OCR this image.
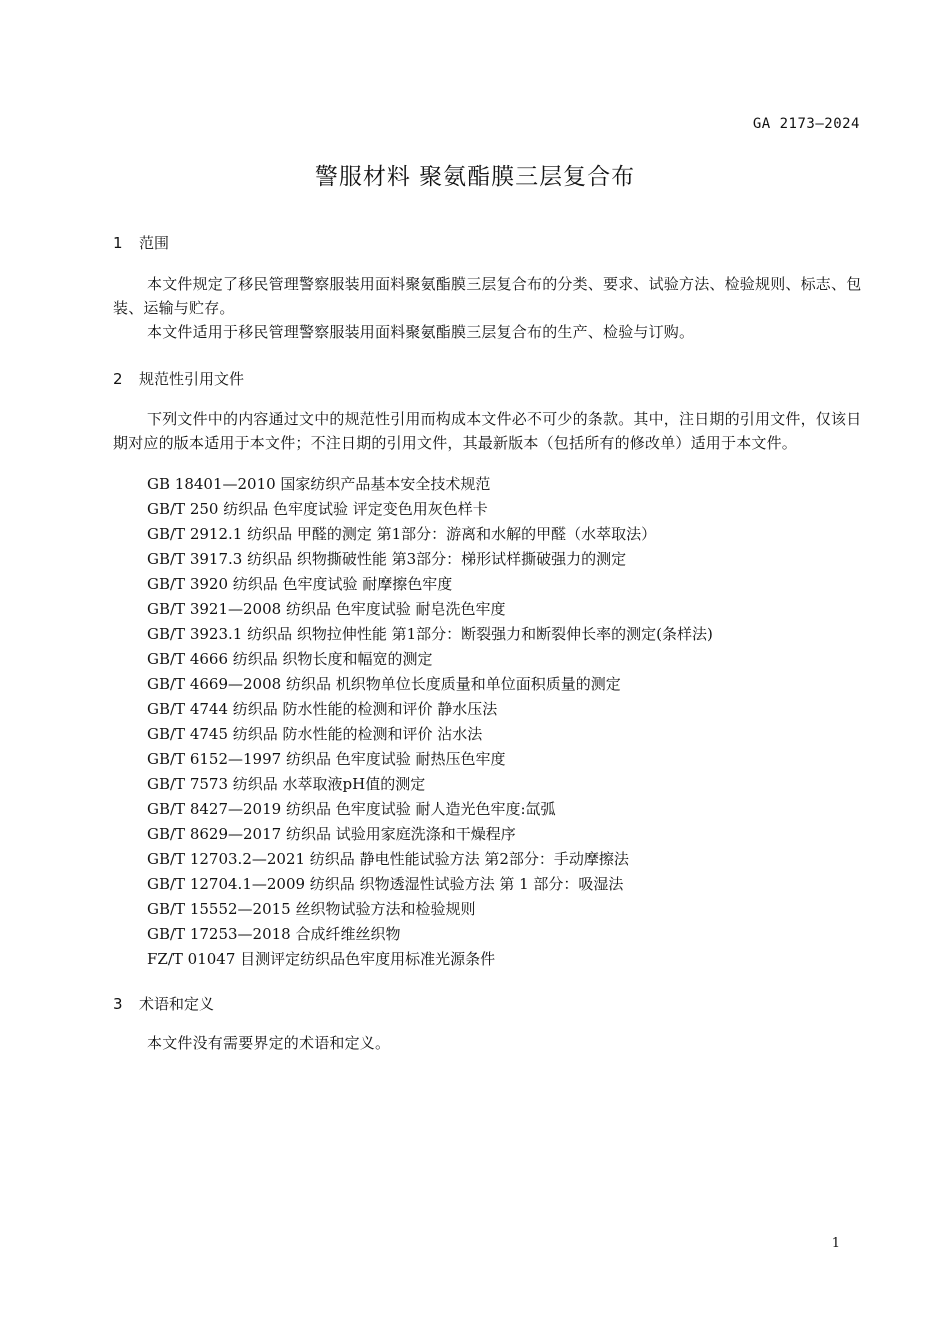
GA 2173—2024
警服材料 聚氨酯膜三层复合布
1 范围
本文件规定了移民管理警察服装用面料聚氨酯膜三层复合布的分类、要求、试验方法、检验规则、标志、包装、运输与贮存。
本文件适用于移民管理警察服装用面料聚氨酯膜三层复合布的生产、检验与订购。
2 规范性引用文件
下列文件中的内容通过文中的规范性引用而构成本文件必不可少的条款。其中，注日期的引用文件，仅该日期对应的版本适用于本文件；不注日期的引用文件，其最新版本（包括所有的修改单）适用于本文件。
GB 18401—2010 国家纺织产品基本安全技术规范
GB/T 250 纺织品 色牢度试验 评定变色用灰色样卡
GB/T 2912.1 纺织品 甲醛的测定 第1部分：游离和水解的甲醛（水萃取法）
GB/T 3917.3 纺织品 织物撕破性能 第3部分：梯形试样撕破强力的测定
GB/T 3920 纺织品 色牢度试验 耐摩擦色牢度
GB/T 3921—2008 纺织品 色牢度试验 耐皂洗色牢度
GB/T 3923.1 纺织品 织物拉伸性能 第1部分：断裂强力和断裂伸长率的测定(条样法)
GB/T 4666 纺织品 织物长度和幅宽的测定
GB/T 4669—2008 纺织品 机织物单位长度质量和单位面积质量的测定
GB/T 4744 纺织品 防水性能的检测和评价 静水压法
GB/T 4745 纺织品 防水性能的检测和评价 沾水法
GB/T 6152—1997 纺织品 色牢度试验 耐热压色牢度
GB/T 7573 纺织品 水萃取液pH值的测定
GB/T 8427—2019 纺织品 色牢度试验 耐人造光色牢度:氙弧
GB/T 8629—2017 纺织品 试验用家庭洗涤和干燥程序
GB/T 12703.2—2021 纺织品 静电性能试验方法 第2部分：手动摩擦法
GB/T 12704.1—2009 纺织品 织物透湿性试验方法 第 1 部分：吸湿法
GB/T 15552—2015 丝织物试验方法和检验规则
GB/T 17253—2018 合成纤维丝织物
FZ/T 01047 目测评定纺织品色牢度用标准光源条件
3 术语和定义
本文件没有需要界定的术语和定义。
1
